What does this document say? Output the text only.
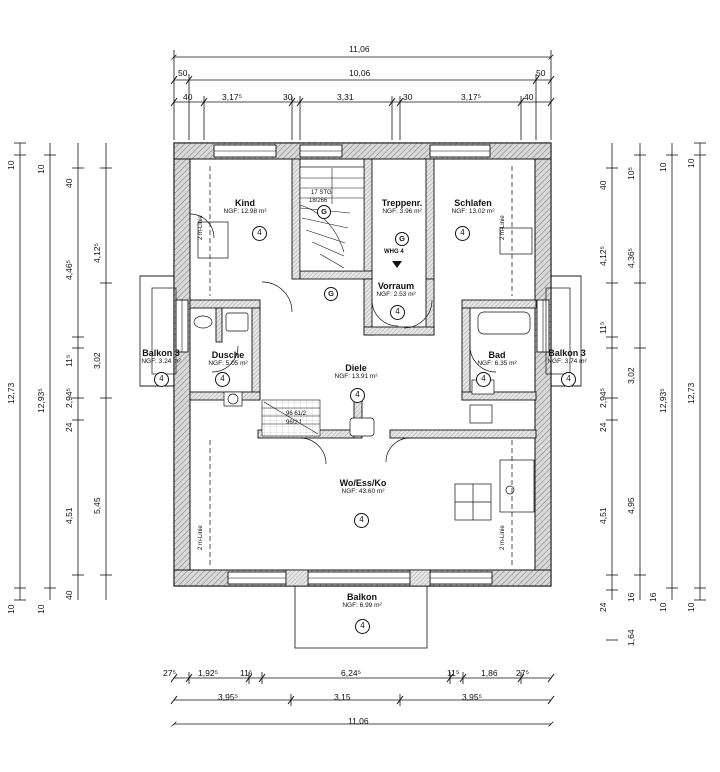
11,06
50	10,06	50
40	3,17⁵	30	3,31	30	3,17⁵	40
27⁵	1,92⁵	11⁵	6,24⁵	11⁵	1,86 27⁵
3,95⁵	3,15	3,95⁵
11,06
10
12,73
10
10
12,93⁵
10
40
4,46⁵
11⁵
2,94⁵
24
4,51
40
4,12⁵
3,02
5,45
40
4,12⁵
11⁵
2,94⁵
24
4,51
24
10⁵
4,36⁵
3,02
4,95
16
1,64
16
10
12,93⁵
10
10
12,73
10
2 m-Linie
2 m-Linie
2 m-Linie
2 m-Linie
Kind
NGF: 12.98 m²
4
Treppenr.
NGF: 3.96 m²
Schlafen
NGF: 13.02 m²
4
Vorraum
NGF: 2.53 m²
4
Dusche
NGF: 5.05 m²
4
Bad
NGF: 6.35 m²
4
Diele
NGF: 13.91 m²
4
Wo/Ess/Ko
NGF: 43.60 m²
4
Balkon 3
NGF: 3.24 m²
4
Balkon 3
NGF: 3.74 m²
4
Balkon
NGF: 6.99 m²
4
WHG 4
17 STG
18/266
96 61/2
96/2 f
G
G
G
